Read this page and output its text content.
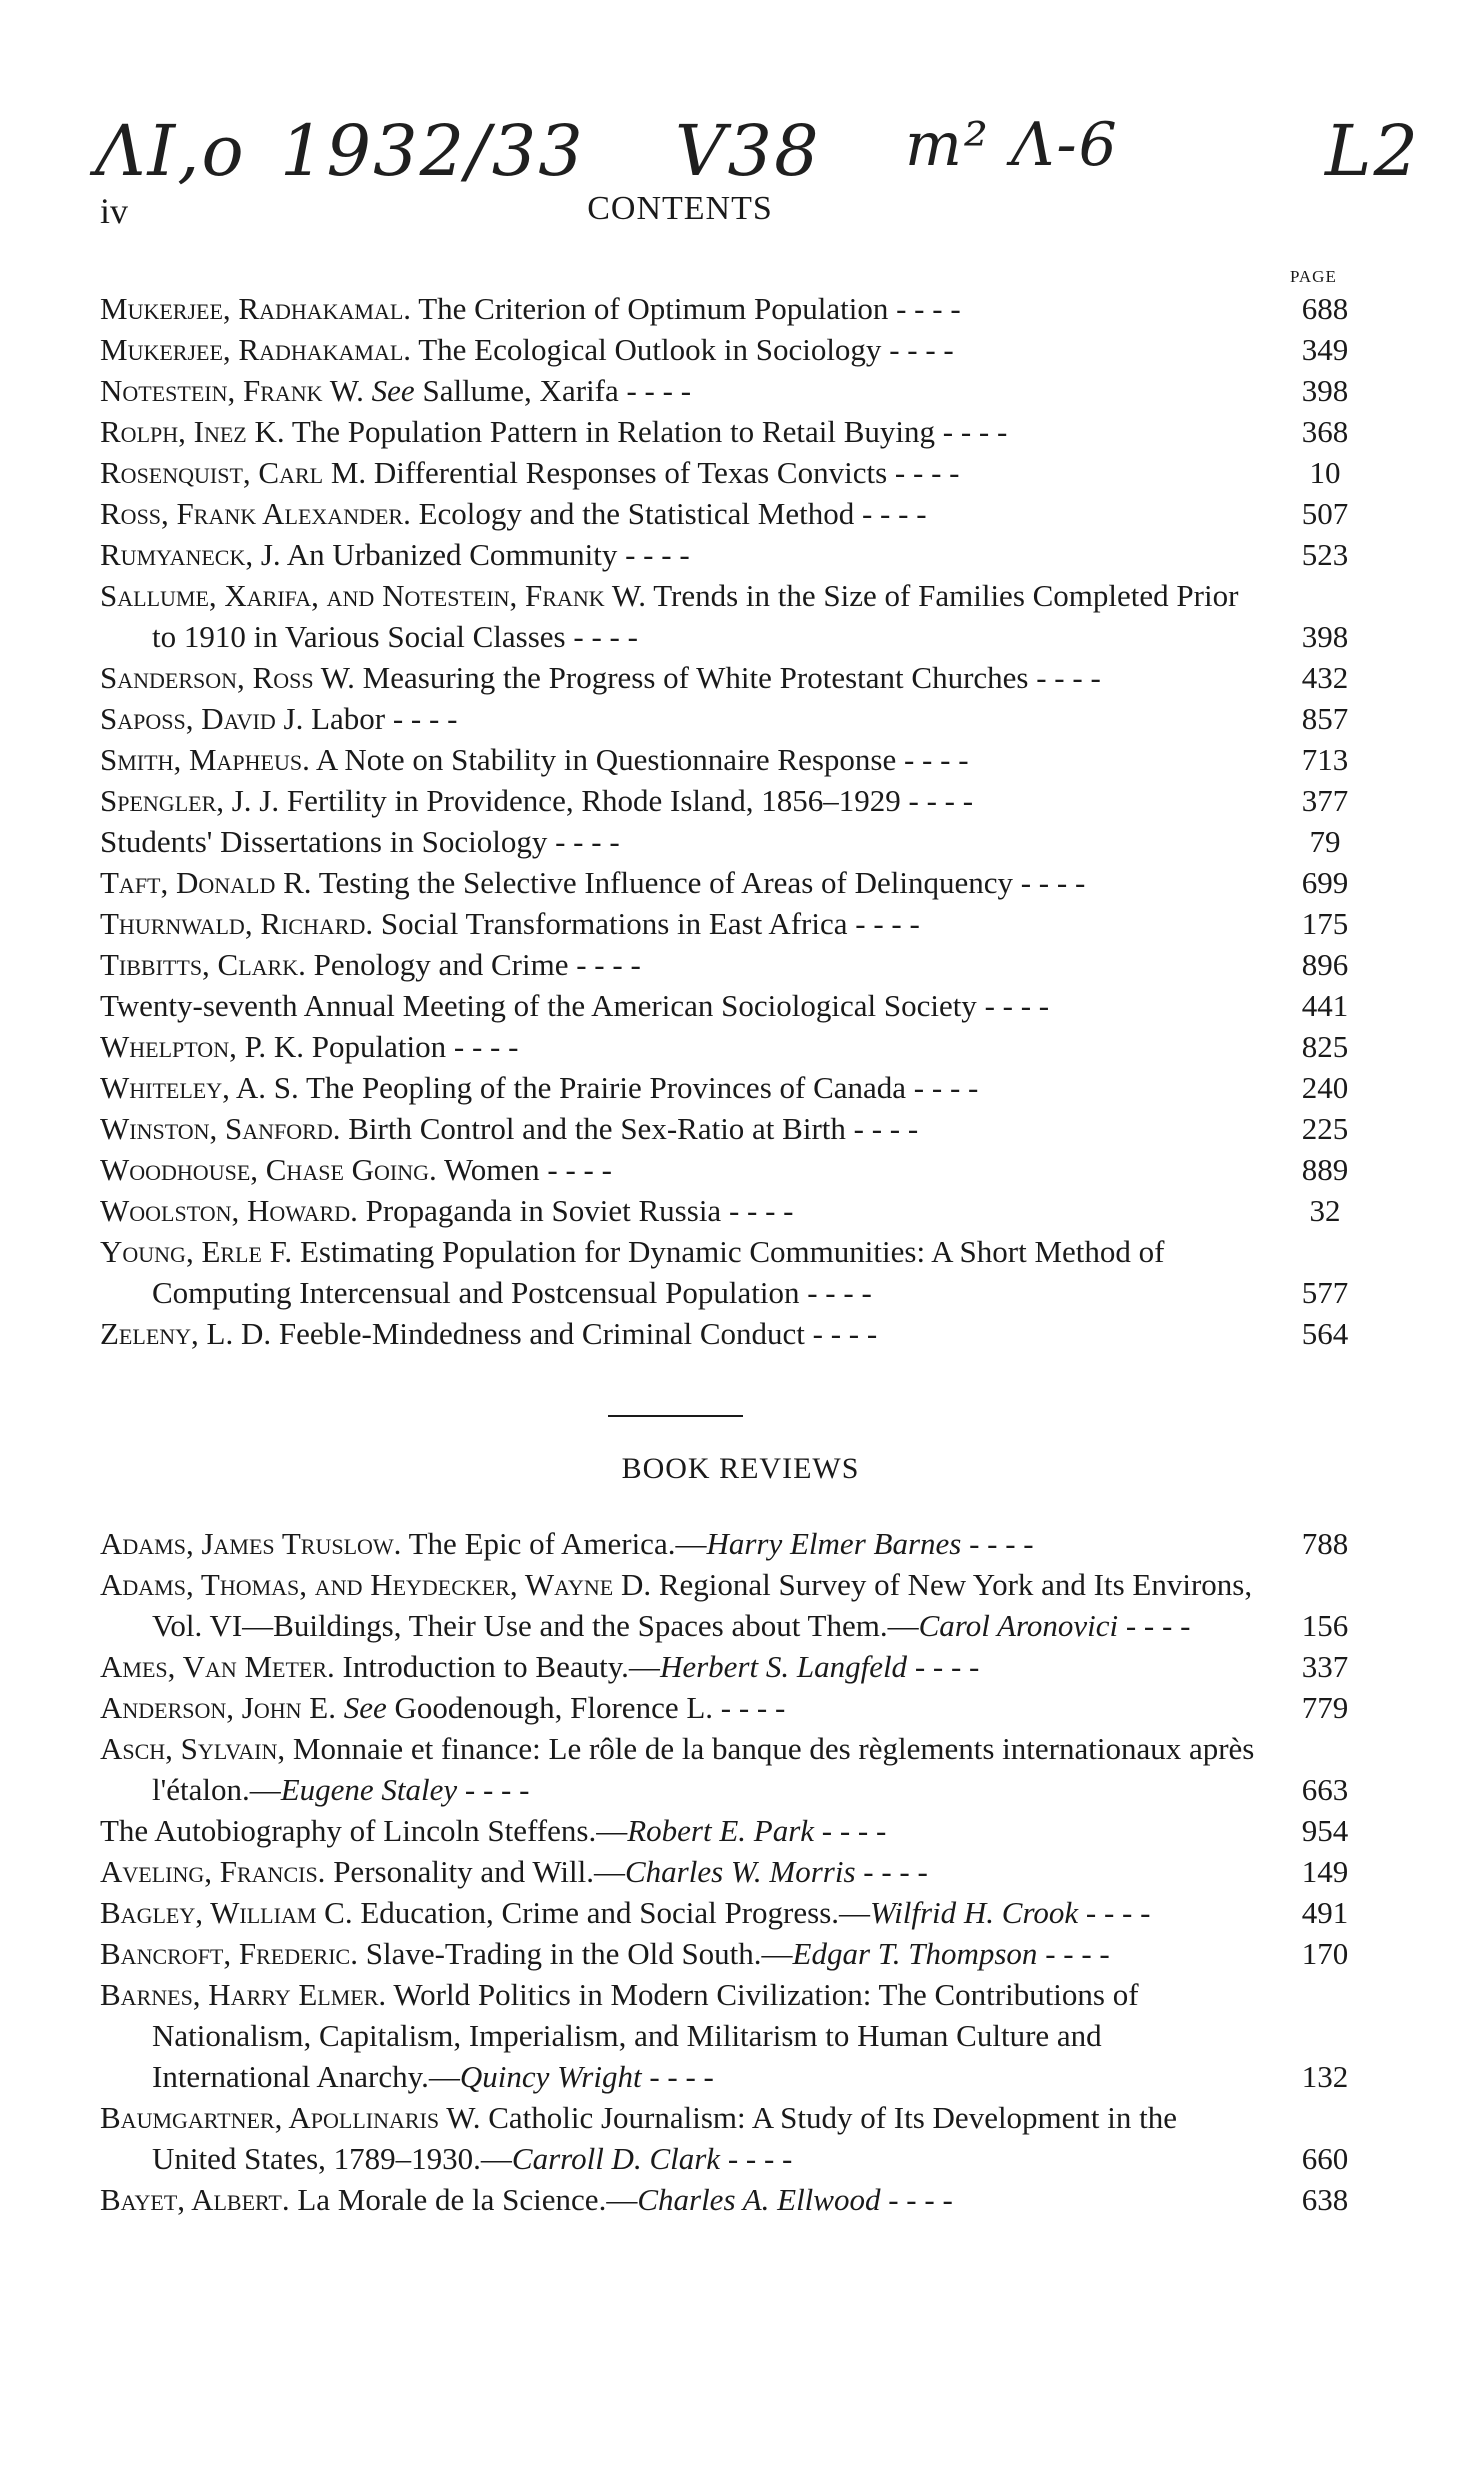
ΛΙ,ο 1932/33 V38 m² Λ-6	L2
iv	CONTENTS
PAGE
Mukerjee, Radhakamal. The Criterion of Optimum Population - - - -	688
Mukerjee, Radhakamal. The Ecological Outlook in Sociology - - - -	349
Notestein, Frank W. See Sallume, Xarifa - - - -	398
Rolph, Inez K. The Population Pattern in Relation to Retail Buying - - - -	368
Rosenquist, Carl M. Differential Responses of Texas Convicts - - - -	10
Ross, Frank Alexander. Ecology and the Statistical Method - - - -	507
Rumyaneck, J. An Urbanized Community - - - -	523
Sallume, Xarifa, and Notestein, Frank W. Trends in the Size of Families Completed Prior to 1910 in Various Social Classes - - - -	398
Sanderson, Ross W. Measuring the Progress of White Protestant Churches - - - -	432
Saposs, David J. Labor - - - -	857
Smith, Mapheus. A Note on Stability in Questionnaire Response - - - -	713
Spengler, J. J. Fertility in Providence, Rhode Island, 1856–1929 - - - -	377
Students' Dissertations in Sociology - - - -	79
Taft, Donald R. Testing the Selective Influence of Areas of Delinquency - - - -	699
Thurnwald, Richard. Social Transformations in East Africa - - - -	175
Tibbitts, Clark. Penology and Crime - - - -	896
Twenty-seventh Annual Meeting of the American Sociological Society - - - -	441
Whelpton, P. K. Population - - - -	825
Whiteley, A. S. The Peopling of the Prairie Provinces of Canada - - - -	240
Winston, Sanford. Birth Control and the Sex-Ratio at Birth - - - -	225
Woodhouse, Chase Going. Women - - - -	889
Woolston, Howard. Propaganda in Soviet Russia - - - -	32
Young, Erle F. Estimating Population for Dynamic Communities: A Short Method of Computing Intercensual and Postcensual Population - - - -	577
Zeleny, L. D. Feeble-Mindedness and Criminal Conduct - - - -	564
BOOK REVIEWS
Adams, James Truslow. The Epic of America.—Harry Elmer Barnes - - - -	788
Adams, Thomas, and Heydecker, Wayne D. Regional Survey of New York and Its Environs, Vol. VI—Buildings, Their Use and the Spaces about Them.—Carol Aronovici - - - -	156
Ames, Van Meter. Introduction to Beauty.—Herbert S. Langfeld - - - -	337
Anderson, John E. See Goodenough, Florence L. - - - -	779
Asch, Sylvain, Monnaie et finance: Le rôle de la banque des règlements internationaux après l'étalon.—Eugene Staley - - - -	663
The Autobiography of Lincoln Steffens.—Robert E. Park - - - -	954
Aveling, Francis. Personality and Will.—Charles W. Morris - - - -	149
Bagley, William C. Education, Crime and Social Progress.—Wilfrid H. Crook - - - -	491
Bancroft, Frederic. Slave-Trading in the Old South.—Edgar T. Thompson - - - -	170
Barnes, Harry Elmer. World Politics in Modern Civilization: The Contributions of Nationalism, Capitalism, Imperialism, and Militarism to Human Culture and International Anarchy.—Quincy Wright - - - -	132
Baumgartner, Apollinaris W. Catholic Journalism: A Study of Its Development in the United States, 1789–1930.—Carroll D. Clark - - - -	660
Bayet, Albert. La Morale de la Science.—Charles A. Ellwood - - - -	638
